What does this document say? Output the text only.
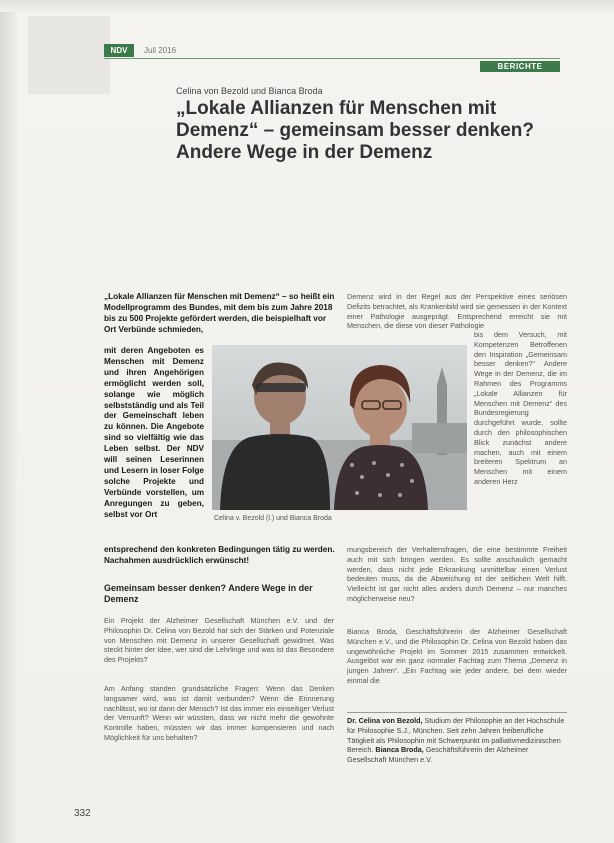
NDV	Juli 2016
BERICHTE
Celina von Bezold und Bianca Broda
„Lokale Allianzen für Menschen mit Demenz“ – gemeinsam besser denken? Andere Wege in der Demenz
„Lokale Allianzen für Menschen mit Demenz“ – so heißt ein Modellprogramm des Bundes, mit dem bis zum Jahre 2018 bis zu 500 Projekte gefördert werden, die beispielhaft vor Ort Verbünde schmieden,
mit deren Angeboten es Menschen mit Demenz und ihren Angehörigen ermöglicht werden soll, solange wie möglich selbstständig und als Teil der Gemeinschaft leben zu können. Die Angebote sind so vielfältig wie das Leben selbst. Der NDV will seinen Leserinnen und Lesern in loser Folge solche Projekte und Verbünde vorstellen, um Anregungen zu geben, selbst vor Ort
entsprechend den konkreten Bedingungen tätig zu werden. Nachahmen ausdrücklich erwünscht!
Celina v. Bezold (l.) und Bianca Broda
Gemeinsam besser denken? Andere Wege in der Demenz

Ein Projekt der Alzheimer Gesellschaft München e.V. und der Philosophin Dr. Celina von Bezold hat sich der Stärken und Potenziale von Menschen mit Demenz in unserer Gesellschaft gewidmet. Was steckt hinter der Idee, wer sind die Lehrlinge und was ist das Besondere des Projekts?

Am Anfang standen grundsätzliche Fragen: Wenn das Denken langsamer wird, was ist damit verbunden? Wenn die Erinnerung nachlässt, wo ist dann der Mensch? Ist das immer ein einseitiger Verlust der Vernunft? Wenn wir wüssten, dass wir nicht mehr die gewohnte Kontrolle haben, müssten wir das immer kompensieren und nach Möglichkeit für uns behalten?

Demenz wird in der Regel aus der Perspektive eines seriösen Defizits betrachtet, als Krankenbild wird sie gemessen in der Kontext einer Pathologie ausgeprägt. Entsprechend erreicht sie mit Menschen, die diese von dieser Pathologie

bis dem Versuch, mit Kompetenzen Betroffenen den Inspiration „Gemeinsam besser denken?“ Andere Wege in der Demenz, die im Rahmen des Programms „Lokale Allianzen für Menschen mit Demenz“ des Bundesregierung durchgeführt wurde, sollte durch den philosophischen Blick zunächst andere machen, auch mit einem breiteren Spektrum an Menschen mit einem anderen Herz

mungsbereich der Verhaltensfragen, die eine bestimmte Freiheit auch mit sich bringen werden. Es sollte anschaulich gemacht werden, dass nicht jede Erkrankung unmittelbar einen Verlust bedeuten muss, da die Abweichung ist der seitlichen Welt hilft. Vielleicht ist gar nicht alles anders durch Demenz – nur manches möglicherweise neu?

Bianca Broda, Geschäftsführerin der Alzheimer Gesellschaft München e.V., und die Philosophin Dr. Celina von Bezold haben das ungewöhnliche Projekt im Sommer 2015 zusammen entwickelt. Ausgelöst war ein ganz normaler Fachtag zum Thema „Demenz in jungen Jahren“. „Ein Fachtag wie jeder andere, bei dem wieder einmal die

Dr. Celina von Bezold, Studium der Philosophie an der Hochschule für Philosophie S.J., München. Seit zehn Jahren freiberufliche Tätigkeit als Philosophin mit Schwerpunkt im palliativmedizinischen Bereich. Bianca Broda, Geschäftsführerin der Alzheimer Gesellschaft München e.V.
332
